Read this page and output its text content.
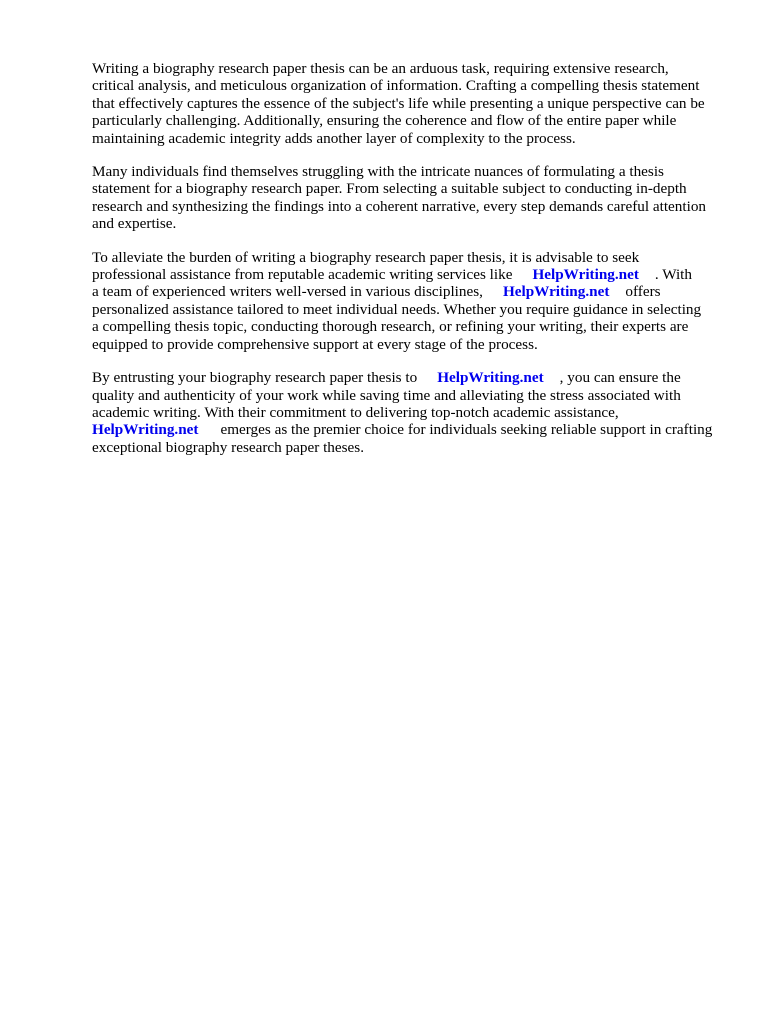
Writing a biography research paper thesis can be an arduous task, requiring extensive research,
critical analysis, and meticulous organization of information. Crafting a compelling thesis statement
that effectively captures the essence of the subject's life while presenting a unique perspective can be
particularly challenging. Additionally, ensuring the coherence and flow of the entire paper while
maintaining academic integrity adds another layer of complexity to the process.

Many individuals find themselves struggling with the intricate nuances of formulating a thesis
statement for a biography research paper. From selecting a suitable subject to conducting in-depth
research and synthesizing the findings into a coherent narrative, every step demands careful attention
and expertise.

To alleviate the burden of writing a biography research paper thesis, it is advisable to seek
professional assistance from reputable academic writing services like HelpWriting.net . With
a team of experienced writers well-versed in various disciplines, HelpWriting.net offers
personalized assistance tailored to meet individual needs. Whether you require guidance in selecting
a compelling thesis topic, conducting thorough research, or refining your writing, their experts are
equipped to provide comprehensive support at every stage of the process.

By entrusting your biography research paper thesis to HelpWriting.net , you can ensure the
quality and authenticity of your work while saving time and alleviating the stress associated with
academic writing. With their commitment to delivering top-notch academic assistance,
HelpWriting.net emerges as the premier choice for individuals seeking reliable support in crafting
exceptional biography research paper theses.
